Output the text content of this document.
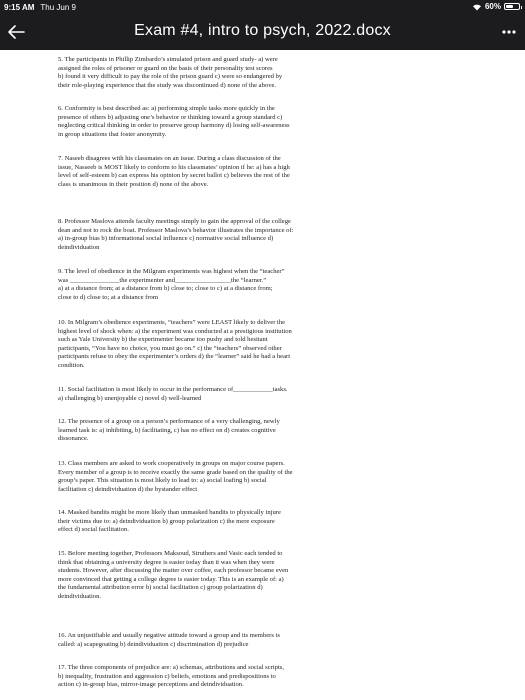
9:15 AM Thu Jun 9	60%
Exam #4, intro to psych, 2022.docx

5. The participants in Phillip Zimbardo’s simulated prison and guard study- a) were
assigned the roles of prisoner or guard on the basis of their personality test scores
b) found it very difficult to pay the role of the prison guard c) were so endangered by
their role-playing experience that the study was discontinued d) none of the above.

6. Conformity is best described as: a) performing simple tasks more quickly in the
presence of others b) adjusting one’s behavior or thinking toward a group standard c)
neglecting critical thinking in order to preserve group harmony d) losing self-awareness
in group situations that foster anonymity.

7. Naseeb disagrees with his classmates on an issue. During a class discussion of the
issue, Nasseeb is MOST likely to conform to his classmates’ opinion if he: a) has a high
level of self-esteem b) can express his opinion by secret ballot c) believes the rest of the
class is unanimous in their position d) none of the above.

8. Professor Maslova attends faculty meetings simply to gain the approval of the college
dean and not to rock the boat. Professor Maslova’s behavior illustrates the importance of:
a) in-group bias b) informational social influence c) normative social influence d)
deindividuation

9. The level of obedience in the Milgram experiments was highest when the “teacher”
was _______________the experimenter and_________________the “learner.”
a) at a distance from; at a distance from b) close to; close to c) at a distance from;
close to d) close to; at a distance from

10. In Milgram’s obedience experiments, “teachers” were LEAST likely to deliver the
highest level of shock when: a) the experiment was conducted at a prestigious institution
such as Yale University b) the experimenter became too pushy and told hesitant
participants, “You have no choice, you must go on.” c) the “teachers” observed other
participants refuse to obey the experimenter’s orders d) the “learner” said he had a heart
condition.

11. Social facilitation is most likely to occur in the performance of____________tasks.
a) challenging b) unenjoyable c) novel d) well-learned

12. The presence of a group on a person’s performance of a very challenging, newly
learned task is: a) inhibiting, b) facilitating, c) has no effect on d) creates cognitive
dissonance.

13. Class members are asked to work cooperatively in groups on major course papers.
Every member of a group is to receive exactly the same grade based on the quality of the
group’s paper. This situation is most likely to lead to: a) social loafing b) social
facilitation c) deindividuation d) the bystander effect

14. Masked bandits might be more likely than unmasked bandits to physically injure
their victims due to: a) deindividuation b) group polarization c) the mere exposure
effect d) social facilitation.

15. Before meeting together, Professors Maksoud, Struthers and Vasic each tended to
think that obtaining a university degree is easier today than it was when they were
students. However, after discussing the matter over coffee, each professor became even
more convinced that getting a college degree is easier today. This is an example of: a)
the fundamental attribution error b) social facilitation c) group polarization d)
deindividuation.

16. An unjustifiable and usually negative attitude toward a group and its members is
called: a) scapegoating b) deindividuation c) discrimination d) prejudice

17. The three components of prejudice are: a) schemas, attributions and social scripts,
b) inequality, frustration and aggression c) beliefs, emotions and predispositions to
action c) in-group bias, mirror-image perceptions and deindividuation.
